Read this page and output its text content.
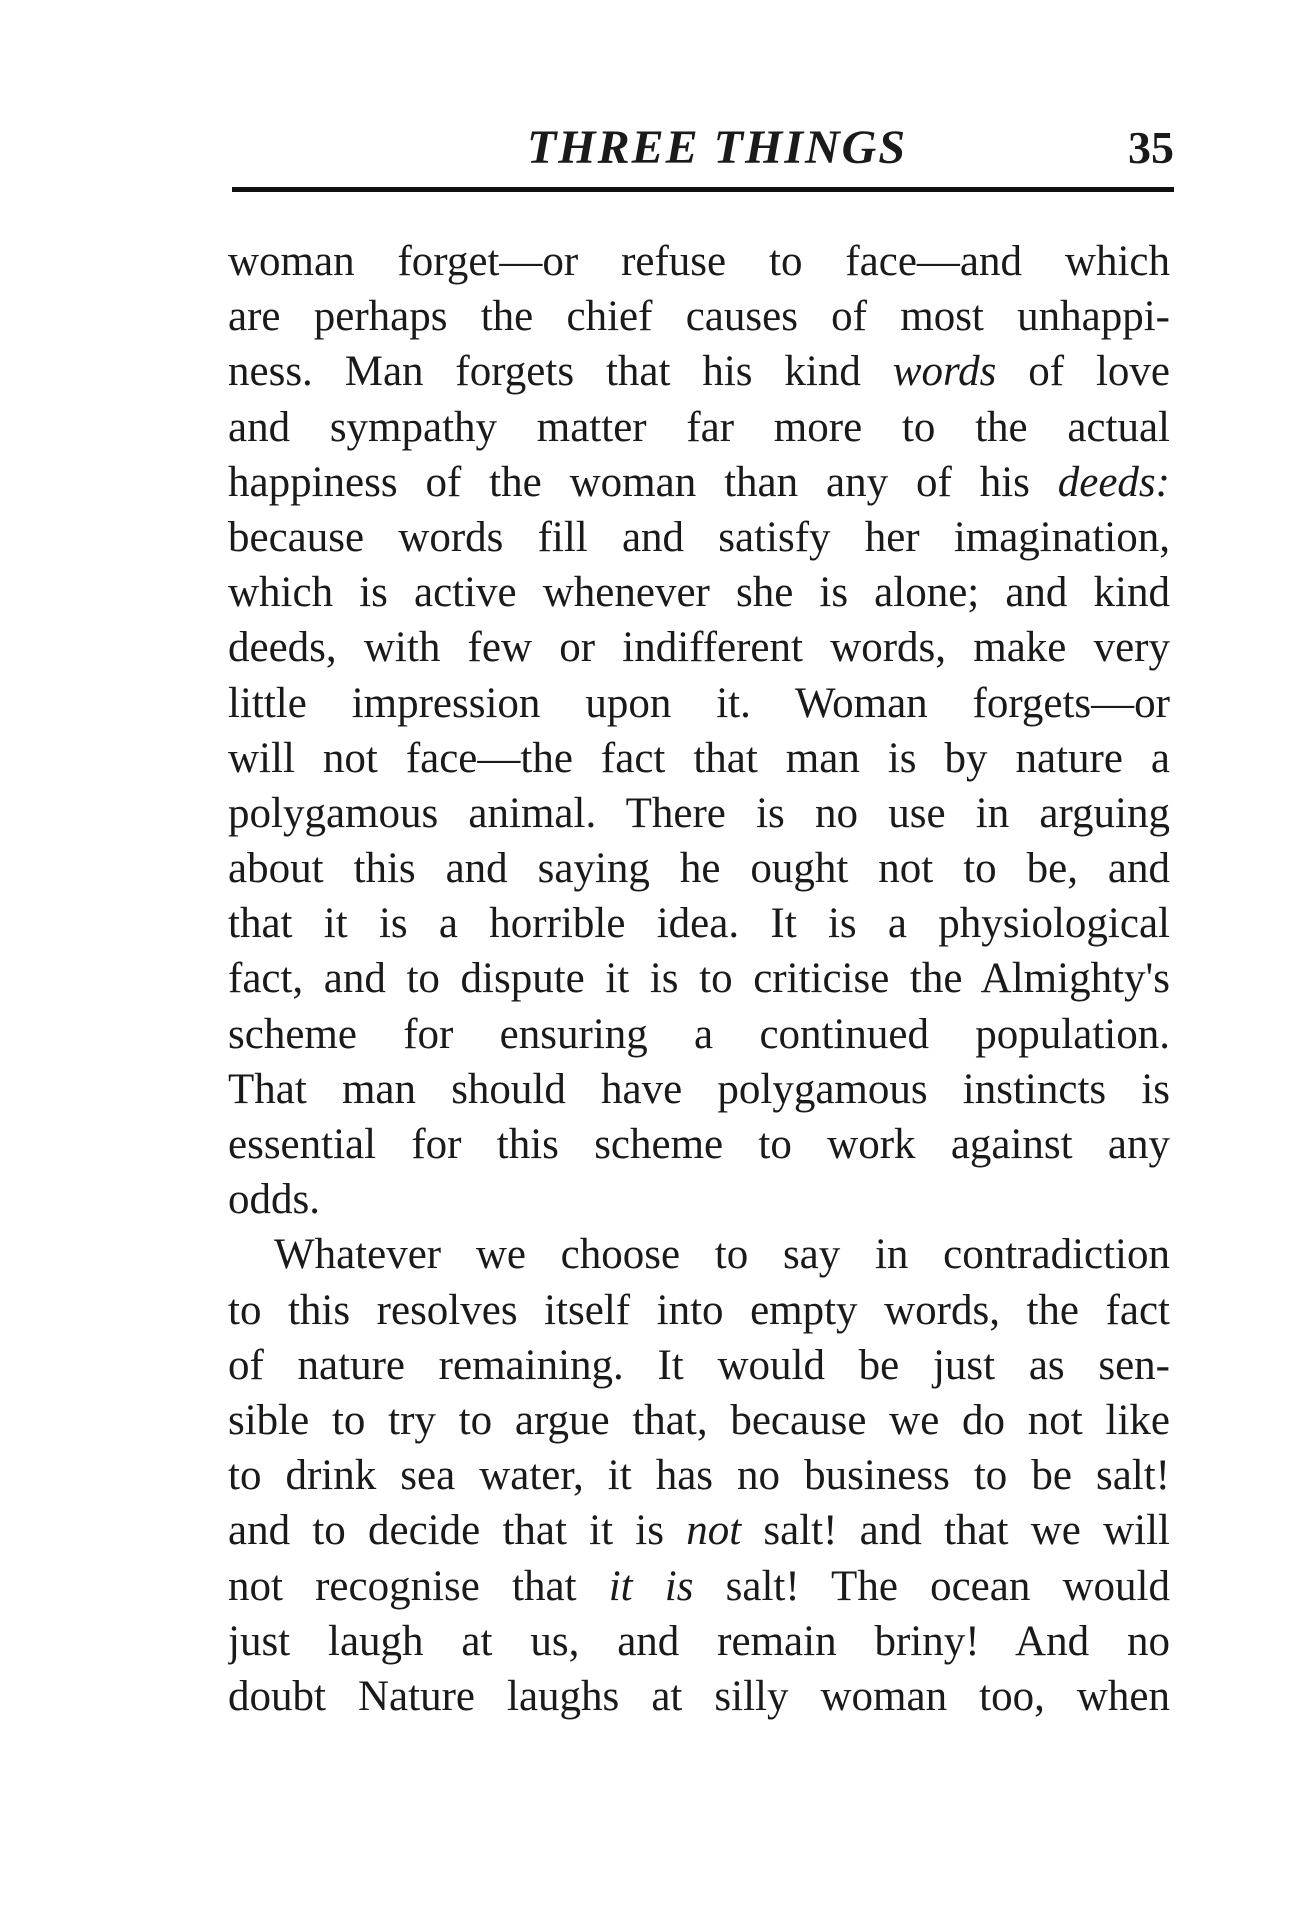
THREE THINGS	35
woman forget—or refuse to face—and which
are perhaps the chief causes of most unhappi-
ness. Man forgets that his kind words of love
and sympathy matter far more to the actual
happiness of the woman than any of his deeds:
because words fill and satisfy her imagination,
which is active whenever she is alone; and kind
deeds, with few or indifferent words, make very
little impression upon it. Woman forgets—or
will not face—the fact that man is by nature a
polygamous animal. There is no use in arguing
about this and saying he ought not to be, and
that it is a horrible idea. It is a physiological
fact, and to dispute it is to criticise the Almighty's
scheme for ensuring a continued population.
That man should have polygamous instincts is
essential for this scheme to work against any
odds.
Whatever we choose to say in contradiction
to this resolves itself into empty words, the fact
of nature remaining. It would be just as sen-
sible to try to argue that, because we do not like
to drink sea water, it has no business to be salt!
and to decide that it is not salt! and that we will
not recognise that it is salt! The ocean would
just laugh at us, and remain briny! And no
doubt Nature laughs at silly woman too, when
